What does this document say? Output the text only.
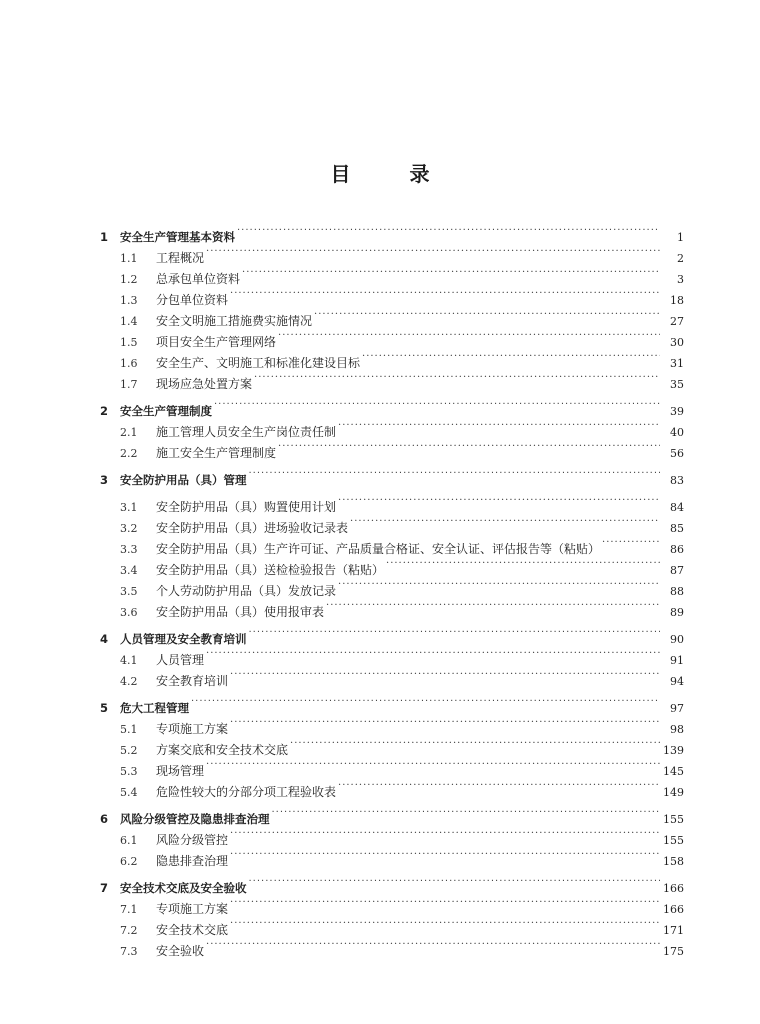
目 录
1	安全生产管理基本资料 ·····	1
1.1	工程概况 ·····	2
1.2	总承包单位资料 ·····	3
1.3	分包单位资料 ·····	18
1.4	安全文明施工措施费实施情况 ·····	27
1.5	项目安全生产管理网络 ·····	30
1.6	安全生产、文明施工和标准化建设目标 ·····	31
1.7	现场应急处置方案 ·····	35
2	安全生产管理制度 ·····	39
2.1	施工管理人员安全生产岗位责任制 ·····	40
2.2	施工安全生产管理制度 ·····	56
3	安全防护用品（具）管理 ·····	83
3.1	安全防护用品（具）购置使用计划 ·····	84
3.2	安全防护用品（具）进场验收记录表 ·····	85
3.3	安全防护用品（具）生产许可证、产品质量合格证、安全认证、评估报告等（粘贴） ·····	86
3.4	安全防护用品（具）送检检验报告（粘贴） ·····	87
3.5	个人劳动防护用品（具）发放记录 ·····	88
3.6	安全防护用品（具）使用报审表 ·····	89
4	人员管理及安全教育培训 ·····	90
4.1	人员管理 ·····	91
4.2	安全教育培训 ·····	94
5	危大工程管理 ·····	97
5.1	专项施工方案 ·····	98
5.2	方案交底和安全技术交底 ·····	139
5.3	现场管理 ·····	145
5.4	危险性较大的分部分项工程验收表 ·····	149
6	风险分级管控及隐患排查治理 ·····	155
6.1	风险分级管控 ·····	155
6.2	隐患排查治理 ·····	158
7	安全技术交底及安全验收 ·····	166
7.1	专项施工方案 ·····	166
7.2	安全技术交底 ·····	171
7.3	安全验收 ·····	175
